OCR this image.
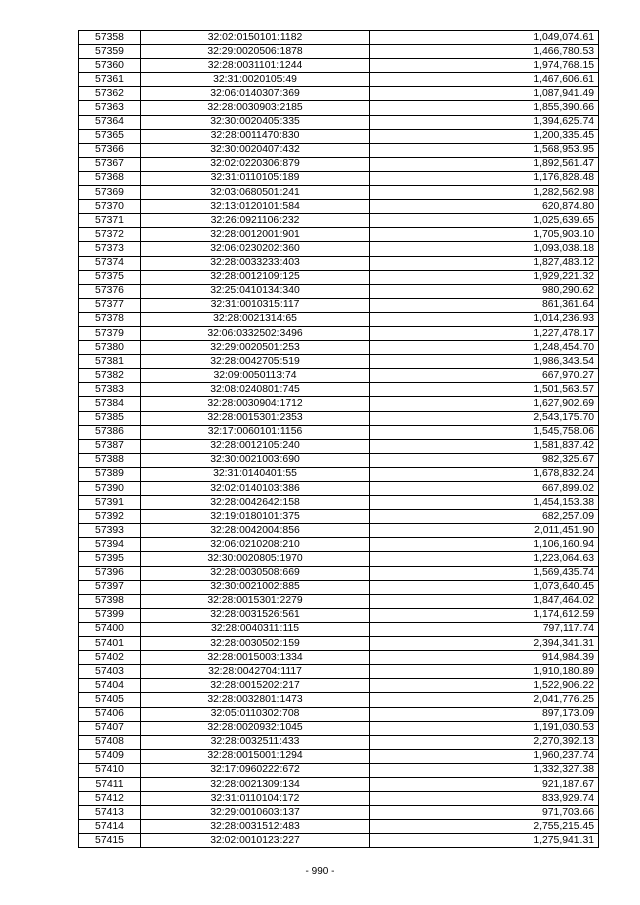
57358	32:02:0150101:1182	1,049,074.61
57359	32:29:0020506:1878	1,466,780.53
57360	32:28:0031101:1244	1,974,768.15
57361	32:31:0020105:49	1,467,606.61
57362	32:06:0140307:369	1,087,941.49
57363	32:28:0030903:2185	1,855,390.66
57364	32:30:0020405:335	1,394,625.74
57365	32:28:0011470:830	1,200,335.45
57366	32:30:0020407:432	1,568,953.95
57367	32:02:0220306:879	1,892,561.47
57368	32:31:0110105:189	1,176,828.48
57369	32:03:0680501:241	1,282,562.98
57370	32:13:0120101:584	620,874.80
57371	32:26:0921106:232	1,025,639.65
57372	32:28:0012001:901	1,705,903.10
57373	32:06:0230202:360	1,093,038.18
57374	32:28:0033233:403	1,827,483.12
57375	32:28:0012109:125	1,929,221.32
57376	32:25:0410134:340	980,290.62
57377	32:31:0010315:117	861,361.64
57378	32:28:0021314:65	1,014,236.93
57379	32:06:0332502:3496	1,227,478.17
57380	32:29:0020501:253	1,248,454.70
57381	32:28:0042705:519	1,986,343.54
57382	32:09:0050113:74	667,970.27
57383	32:08:0240801:745	1,501,563.57
57384	32:28:0030904:1712	1,627,902.69
57385	32:28:0015301:2353	2,543,175.70
57386	32:17:0060101:1156	1,545,758.06
57387	32:28:0012105:240	1,581,837.42
57388	32:30:0021003:690	982,325.67
57389	32:31:0140401:55	1,678,832.24
57390	32:02:0140103:386	667,899.02
57391	32:28:0042642:158	1,454,153.38
57392	32:19:0180101:375	682,257.09
57393	32:28:0042004:856	2,011,451.90
57394	32:06:0210208:210	1,106,160.94
57395	32:30:0020805:1970	1,223,064.63
57396	32:28:0030508:669	1,569,435.74
57397	32:30:0021002:885	1,073,640.45
57398	32:28:0015301:2279	1,847,464.02
57399	32:28:0031526:561	1,174,612.59
57400	32:28:0040311:115	797,117.74
57401	32:28:0030502:159	2,394,341.31
57402	32:28:0015003:1334	914,984.39
57403	32:28:0042704:1117	1,910,180.89
57404	32:28:0015202:217	1,522,906.22
57405	32:28:0032801:1473	2,041,776.25
57406	32:05:0110302:708	897,173.09
57407	32:28:0020932:1045	1,191,030.53
57408	32:28:0032511:433	2,270,392.13
57409	32:28:0015001:1294	1,960,237.74
57410	32:17:0960222:672	1,332,327.38
57411	32:28:0021309:134	921,187.67
57412	32:31:0110104:172	833,929.74
57413	32:29:0010603:137	971,703.66
57414	32:28:0031512:483	2,755,215.45
57415	32:02:0010123:227	1,275,941.31
- 990 -
